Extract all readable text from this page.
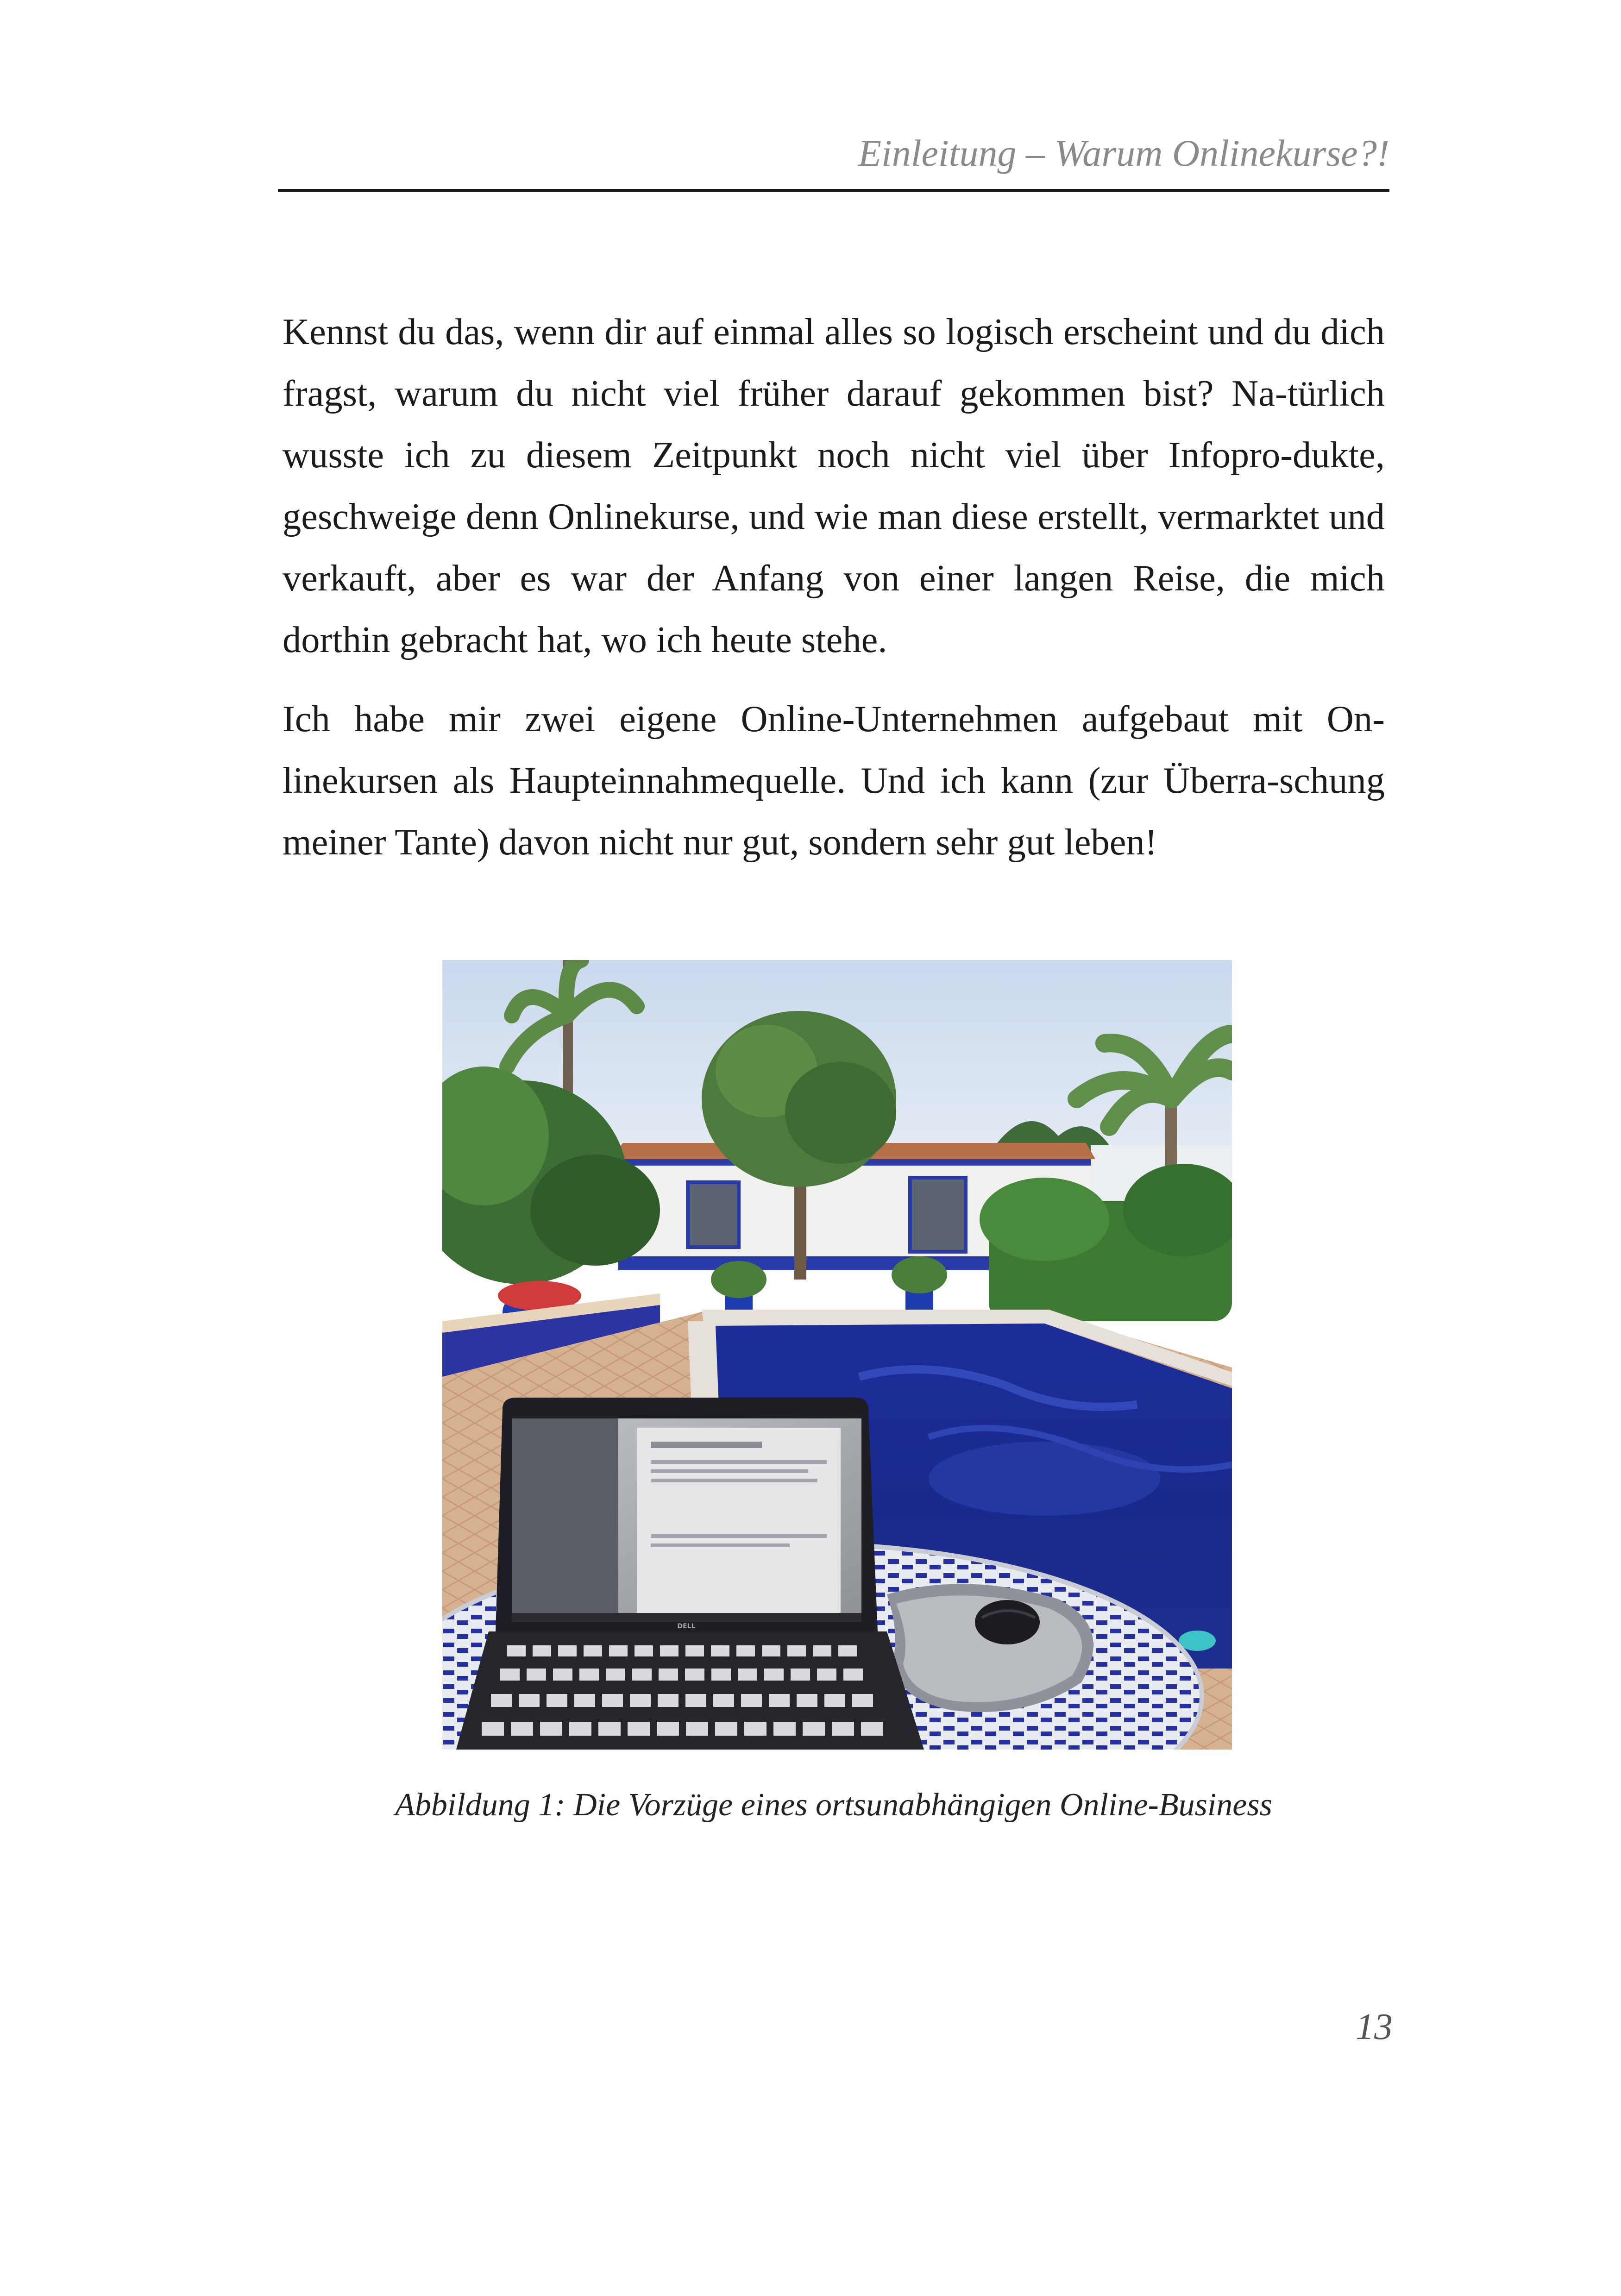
Einleitung – Warum Onlinekurse?!

Kennst du das, wenn dir auf einmal alles so logisch erscheint und du dich fragst, warum du nicht viel früher darauf gekommen bist? Na-türlich wusste ich zu diesem Zeitpunkt noch nicht viel über Infopro-dukte, geschweige denn Onlinekurse, und wie man diese erstellt, vermarktet und verkauft, aber es war der Anfang von einer langen Reise, die mich dorthin gebracht hat, wo ich heute stehe.

Ich habe mir zwei eigene Online-Unternehmen aufgebaut mit On-linekursen als Haupteinnahmequelle. Und ich kann (zur Überra-schung meiner Tante) davon nicht nur gut, sondern sehr gut leben!

DELL
Abbildung 1: Die Vorzüge eines ortsunabhängigen Online-Business
13
